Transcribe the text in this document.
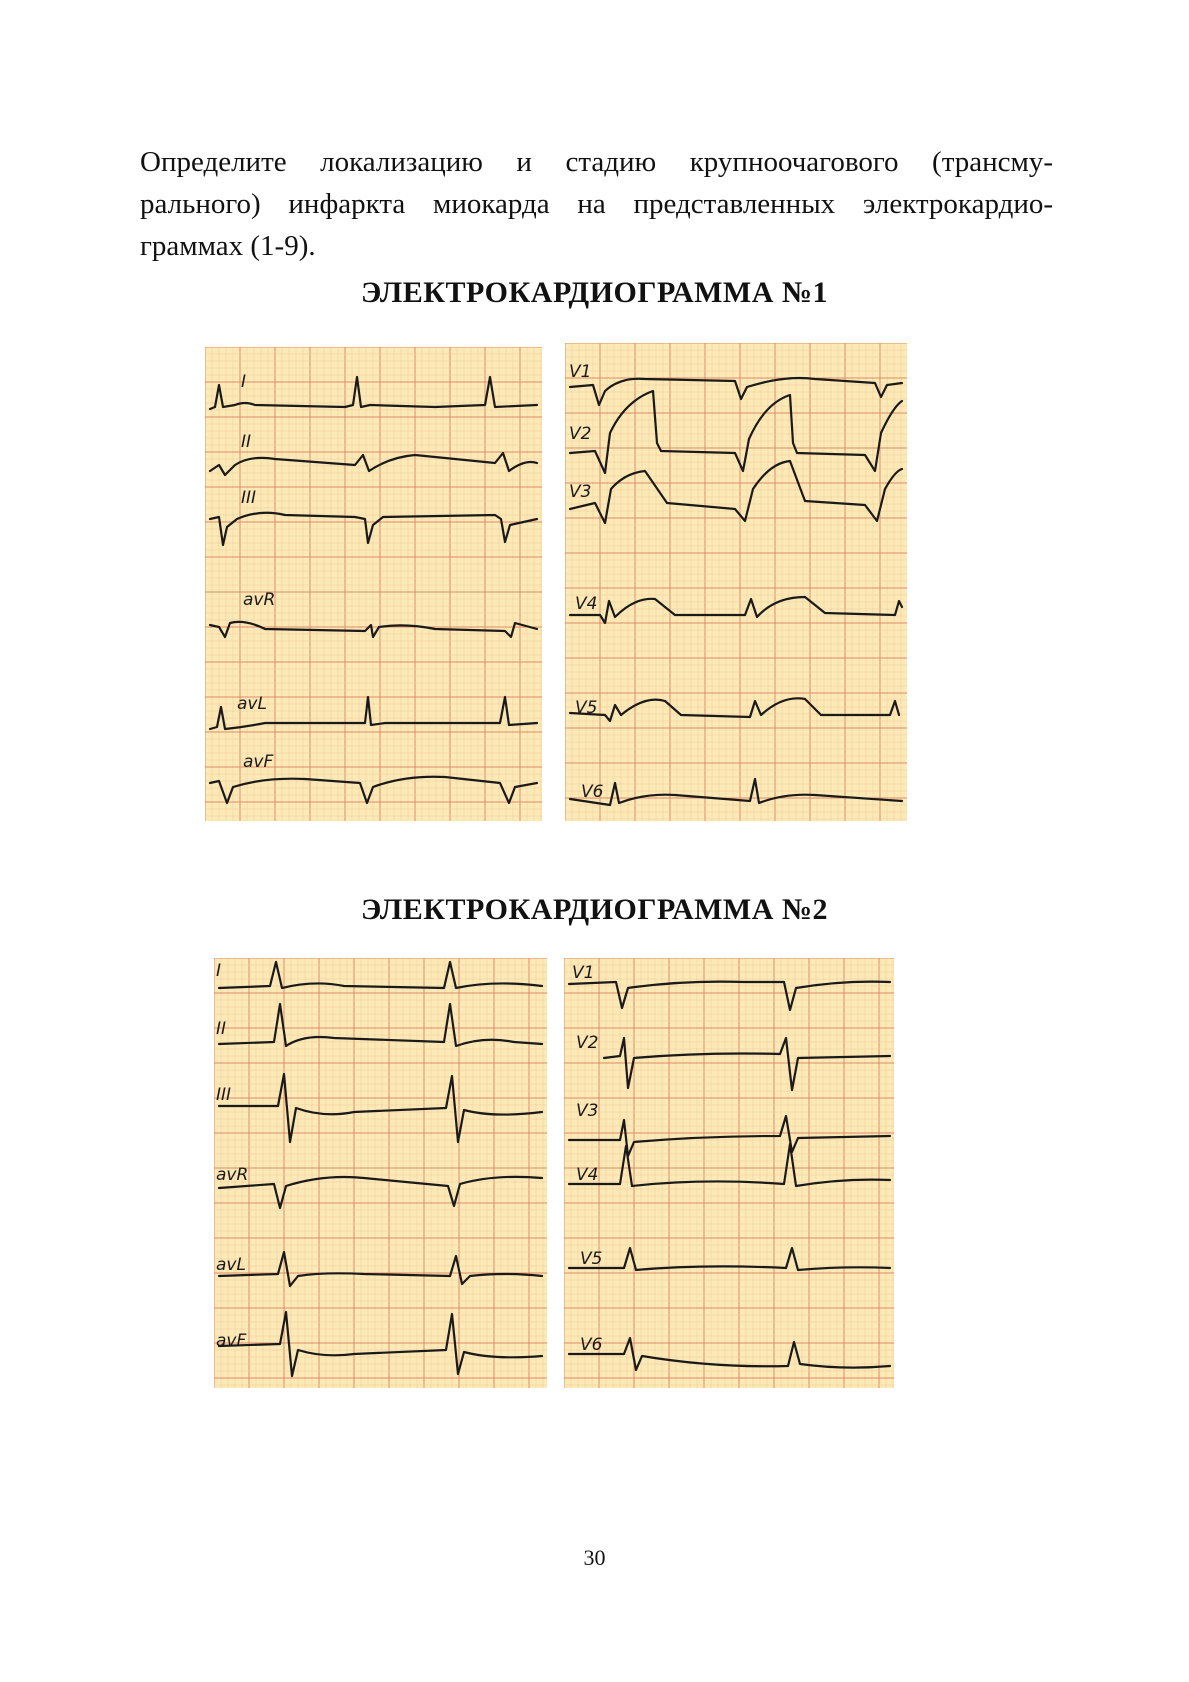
Определите локализацию и стадию крупноочагового (трансму-
рального) инфаркта миокарда на представленных электрокардио-
граммах (1-9).

ЭЛЕКТРОКАРДИОГРАММА №1
I
II
III
avR
avL
avF
V1
V2
V3
V4
V5
V6
ЭЛЕКТРОКАРДИОГРАММА №2
I
II
III
avR
avL
avF
V1
V2
V3
V4
V5
V6

30
